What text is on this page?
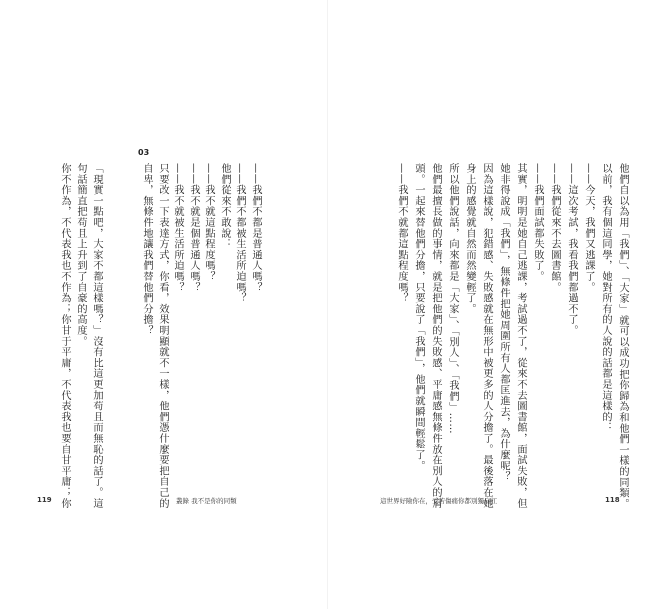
——我們不都是普通人嗎？
——我們不都被生活所迫嗎？
他們從來不敢說：
——我不就這點程度嗎？
——我不就是個普通人嗎？
——我不就被生活所迫嗎？
只要改一下表達方式，你看，效果明顯就不一樣，他們憑什麼要把自己的
自卑，無條件地讓我們替他們分擔？
「現實一點吧，大家不都這樣嗎？」沒有比這更加苟且而無恥的話了。這
句話簡直把苟且上升到了自豪的高度。
你不作為，不代表我也不作為；你甘于平庸，不代表我也要自甘平庸；你
03
119	叢錄 我不是你的同類	他們自以為用「我們」、「大家」就可以成功把你歸為和他們一樣的同類。
以前，我有個這同學，她對所有的人說的話都是這樣的：
——今天，我們又逃課了。
——這次考試，我看我們都過不了。
——我們從來不去圖書館。
——我們面試都失敗了。
其實，明明是她自己逃課，考試過不了，從來不去圖書館，面試失敗，但
她非得說成「我們」，無條件把她周圍所有人都匡進去，為什麼呢？
因為這樣說，犯錯感、失敗感就在無形中被更多的人分擔了。最後落在她
身上的感覺就自然而然變輕了。
所以他們說話，向來都是「大家」、「別人」、「我們」……
他們最擅長做的事情，就是把他們的失敗感、平庸感無條件放在別人的肩
頭。一起來替他們分擔，只要說了「我們」，他們就瞬間輕鬆了。
——我們不就都這點程度嗎？
這世界好險你在，受苦傷痛你都別獨自扛	118
